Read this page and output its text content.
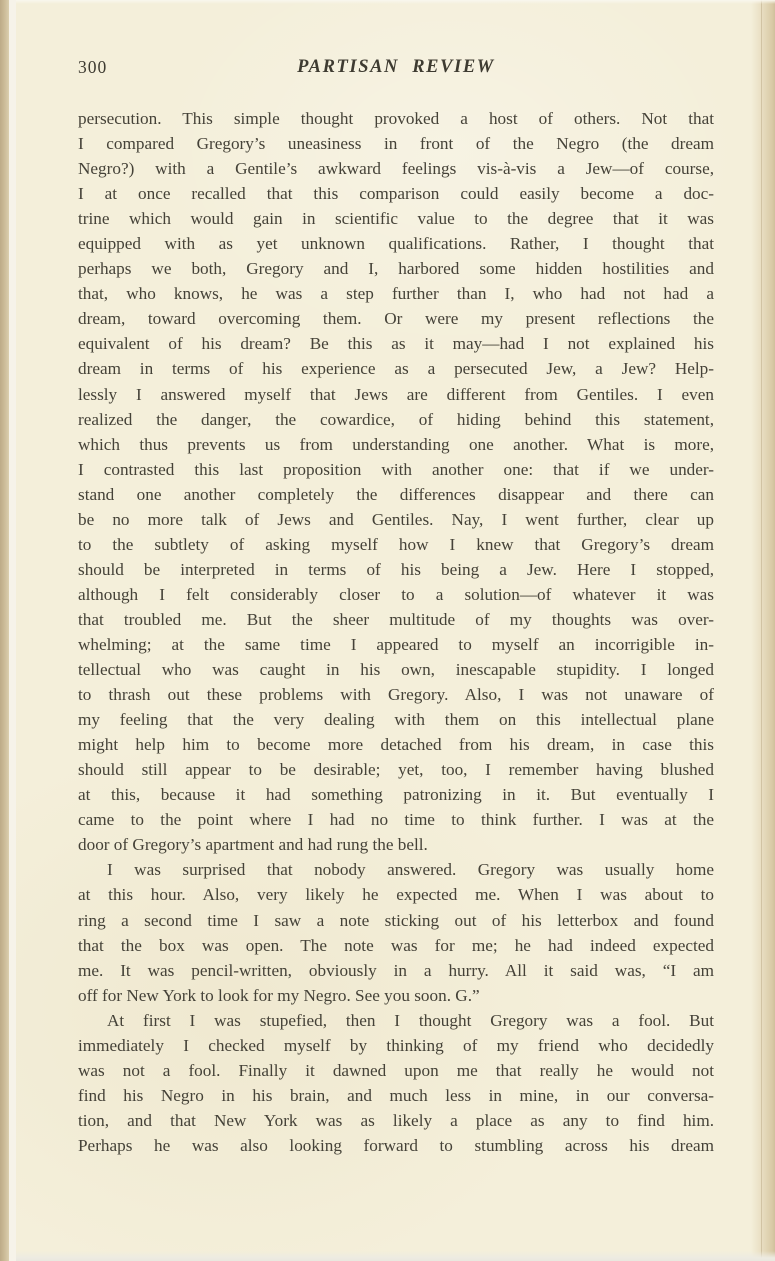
300	PARTISAN REVIEW
persecution. This simple thought provoked a host of others. Not that
I compared Gregory’s uneasiness in front of the Negro (the dream
Negro?) with a Gentile’s awkward feelings vis-à-vis a Jew—of course,
I at once recalled that this comparison could easily become a doc-
trine which would gain in scientific value to the degree that it was
equipped with as yet unknown qualifications. Rather, I thought that
perhaps we both, Gregory and I, harbored some hidden hostilities and
that, who knows, he was a step further than I, who had not had a
dream, toward overcoming them. Or were my present reflections the
equivalent of his dream? Be this as it may—had I not explained his
dream in terms of his experience as a persecuted Jew, a Jew? Help-
lessly I answered myself that Jews are different from Gentiles. I even
realized the danger, the cowardice, of hiding behind this statement,
which thus prevents us from understanding one another. What is more,
I contrasted this last proposition with another one: that if we under-
stand one another completely the differences disappear and there can
be no more talk of Jews and Gentiles. Nay, I went further, clear up
to the subtlety of asking myself how I knew that Gregory’s dream
should be interpreted in terms of his being a Jew. Here I stopped,
although I felt considerably closer to a solution—of whatever it was
that troubled me. But the sheer multitude of my thoughts was over-
whelming; at the same time I appeared to myself an incorrigible in-
tellectual who was caught in his own, inescapable stupidity. I longed
to thrash out these problems with Gregory. Also, I was not unaware of
my feeling that the very dealing with them on this intellectual plane
might help him to become more detached from his dream, in case this
should still appear to be desirable; yet, too, I remember having blushed
at this, because it had something patronizing in it. But eventually I
came to the point where I had no time to think further. I was at the
door of Gregory’s apartment and had rung the bell.
I was surprised that nobody answered. Gregory was usually home
at this hour. Also, very likely he expected me. When I was about to
ring a second time I saw a note sticking out of his letterbox and found
that the box was open. The note was for me; he had indeed expected
me. It was pencil-written, obviously in a hurry. All it said was, “I am
off for New York to look for my Negro. See you soon. G.”
At first I was stupefied, then I thought Gregory was a fool. But
immediately I checked myself by thinking of my friend who decidedly
was not a fool. Finally it dawned upon me that really he would not
find his Negro in his brain, and much less in mine, in our conversa-
tion, and that New York was as likely a place as any to find him.
Perhaps he was also looking forward to stumbling across his dream
